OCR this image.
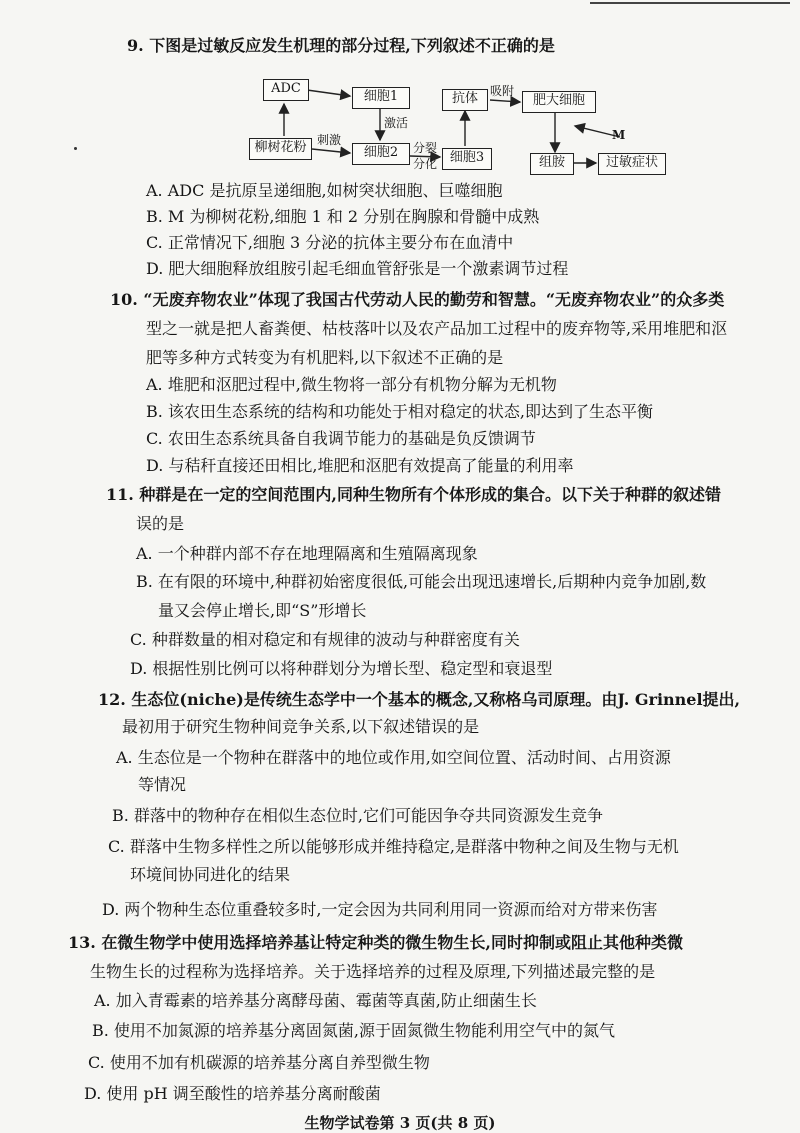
9. 下图是过敏反应发生机理的部分过程,下列叙述不正确的是
ADC
细胞1	抗体	吸附
肥大细胞
柳树花粉 刺激
激活
细胞2	分裂
分化 细胞3	组胺
M
过敏症状
A. ADC 是抗原呈递细胞,如树突状细胞、巨噬细胞
B. M 为柳树花粉,细胞 1 和 2 分别在胸腺和骨髓中成熟
C. 正常情况下,细胞 3 分泌的抗体主要分布在血清中
D. 肥大细胞释放组胺引起毛细血管舒张是一个激素调节过程
10. “无废弃物农业”体现了我国古代劳动人民的勤劳和智慧。“无废弃物农业”的众多类
型之一就是把人畜粪便、枯枝落叶以及农产品加工过程中的废弃物等,采用堆肥和沤
肥等多种方式转变为有机肥料,以下叙述不正确的是
A. 堆肥和沤肥过程中,微生物将一部分有机物分解为无机物
B. 该农田生态系统的结构和功能处于相对稳定的状态,即达到了生态平衡
C. 农田生态系统具备自我调节能力的基础是负反馈调节
D. 与秸秆直接还田相比,堆肥和沤肥有效提高了能量的利用率
11. 种群是在一定的空间范围内,同种生物所有个体形成的集合。以下关于种群的叙述错
误的是
A. 一个种群内部不存在地理隔离和生殖隔离现象
B. 在有限的环境中,种群初始密度很低,可能会出现迅速增长,后期种内竞争加剧,数
量又会停止增长,即“S”形增长
C. 种群数量的相对稳定和有规律的波动与种群密度有关
D. 根据性别比例可以将种群划分为增长型、稳定型和衰退型
12. 生态位(niche)是传统生态学中一个基本的概念,又称格乌司原理。由J. Grinnel提出,
最初用于研究生物种间竞争关系,以下叙述错误的是
A. 生态位是一个物种在群落中的地位或作用,如空间位置、活动时间、占用资源
等情况
B. 群落中的物种存在相似生态位时,它们可能因争夺共同资源发生竞争
C. 群落中生物多样性之所以能够形成并维持稳定,是群落中物种之间及生物与无机
环境间协同进化的结果
D. 两个物种生态位重叠较多时,一定会因为共同利用同一资源而给对方带来伤害
13. 在微生物学中使用选择培养基让特定种类的微生物生长,同时抑制或阻止其他种类微
生物生长的过程称为选择培养。关于选择培养的过程及原理,下列描述最完整的是
A. 加入青霉素的培养基分离酵母菌、霉菌等真菌,防止细菌生长
B. 使用不加氮源的培养基分离固氮菌,源于固氮微生物能利用空气中的氮气
C. 使用不加有机碳源的培养基分离自养型微生物
D. 使用 pH 调至酸性的培养基分离耐酸菌
生物学试卷第 3 页(共 8 页)
